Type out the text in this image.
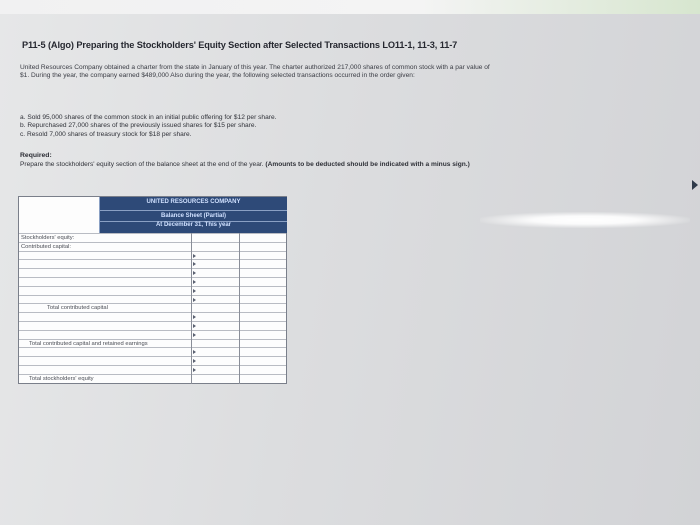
P11-5 (Algo) Preparing the Stockholders' Equity Section after Selected Transactions LO11-1, 11-3, 11-7
United Resources Company obtained a charter from the state in January of this year. The charter authorized 217,000 shares of common stock with a par value of $1. During the year, the company earned $489,000 Also during the year, the following selected transactions occurred in the order given:
a. Sold 95,000 shares of the common stock in an initial public offering for $12 per share.
b. Repurchased 27,000 shares of the previously issued shares for $15 per share.
c. Resold 7,000 shares of treasury stock for $18 per share.
Required:
Prepare the stockholders' equity section of the balance sheet at the end of the year. (Amounts to be deducted should be indicated with a minus sign.)
UNITED RESOURCES COMPANY
Balance Sheet (Partial)
At December 31, This year
Stockholders' equity:
Contributed capital:
Total contributed capital
Total contributed capital and retained earnings
Total stockholders' equity
